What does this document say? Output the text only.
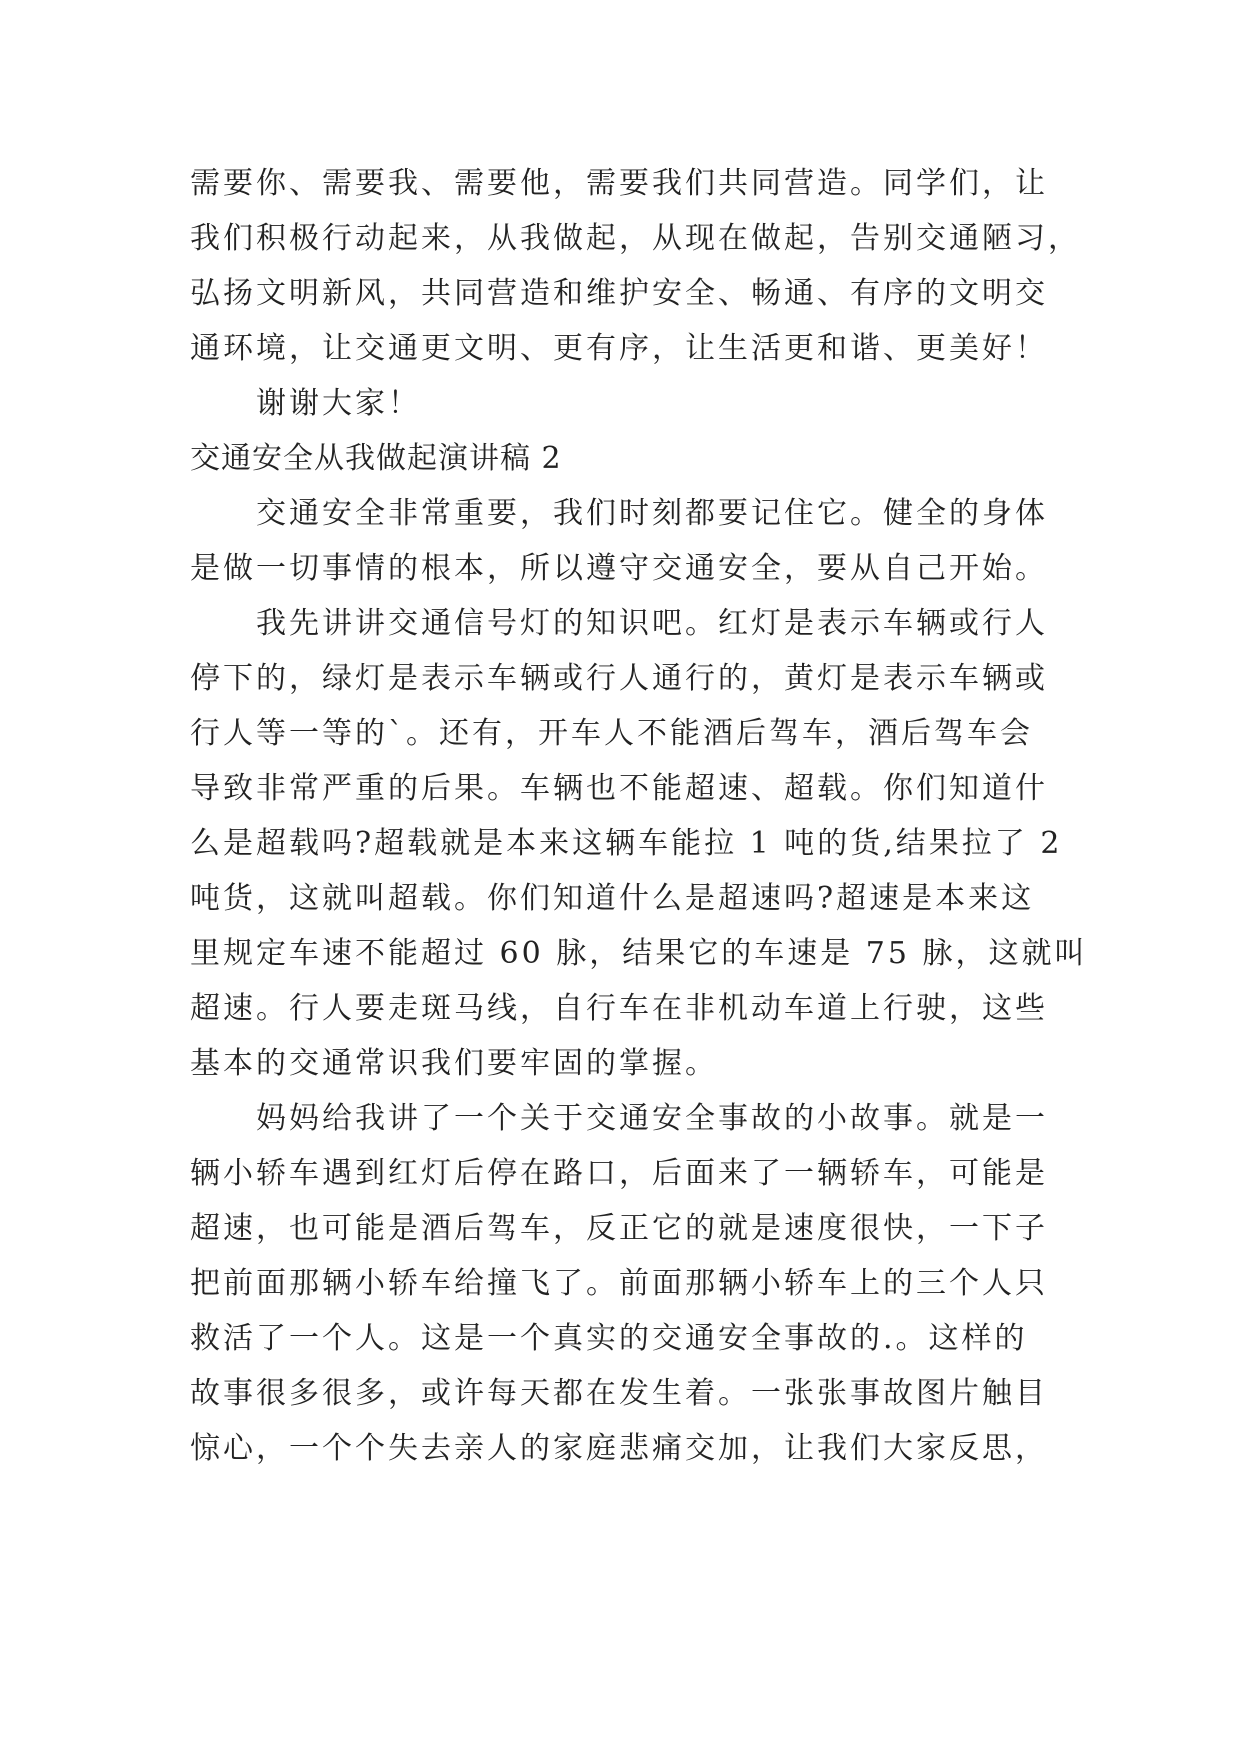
需要你、需要我、需要他，需要我们共同营造。同学们，让
我们积极行动起来，从我做起，从现在做起，告别交通陋习，
弘扬文明新风，共同营造和维护安全、畅通、有序的文明交
通环境，让交通更文明、更有序，让生活更和谐、更美好！
谢谢大家！
交通安全从我做起演讲稿 2
交通安全非常重要，我们时刻都要记住它。健全的身体
是做一切事情的根本，所以遵守交通安全，要从自己开始。
我先讲讲交通信号灯的知识吧。红灯是表示车辆或行人
停下的，绿灯是表示车辆或行人通行的，黄灯是表示车辆或
行人等一等的`。还有，开车人不能酒后驾车，酒后驾车会
导致非常严重的后果。车辆也不能超速、超载。你们知道什
么是超载吗?超载就是本来这辆车能拉 1 吨的货,结果拉了 2
吨货，这就叫超载。你们知道什么是超速吗?超速是本来这
里规定车速不能超过 60 脉，结果它的车速是 75 脉，这就叫
超速。行人要走斑马线，自行车在非机动车道上行驶，这些
基本的交通常识我们要牢固的掌握。
妈妈给我讲了一个关于交通安全事故的小故事。就是一
辆小轿车遇到红灯后停在路口，后面来了一辆轿车，可能是
超速，也可能是酒后驾车，反正它的就是速度很快，一下子
把前面那辆小轿车给撞飞了。前面那辆小轿车上的三个人只
救活了一个人。这是一个真实的交通安全事故的.。这样的
故事很多很多，或许每天都在发生着。一张张事故图片触目
惊心，一个个失去亲人的家庭悲痛交加，让我们大家反思，
